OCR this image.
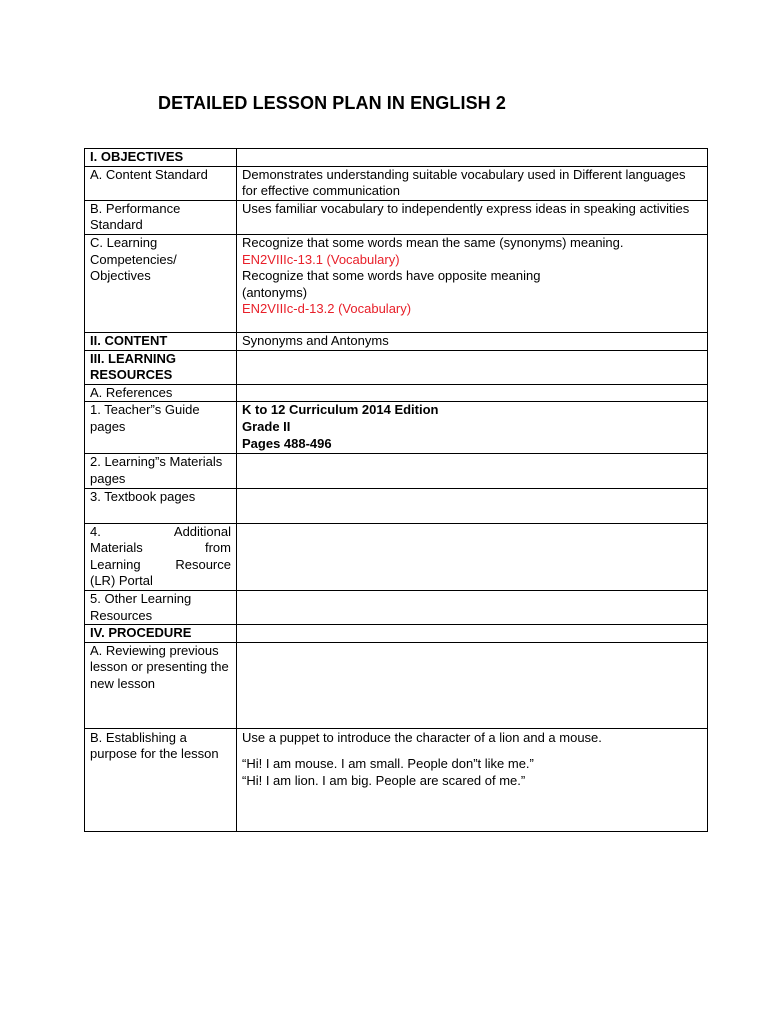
DETAILED LESSON PLAN IN ENGLISH 2
I. OBJECTIVES	
A. Content Standard	Demonstrates understanding suitable vocabulary used in Different languages for effective communication
B. Performance Standard	Uses familiar vocabulary to independently express ideas in speaking activities
C. Learning Competencies/ Objectives	Recognize that some words mean the same (synonyms) meaning.
EN2VIIIc-13.1 (Vocabulary)
Recognize that some words have opposite meaning
(antonyms)
EN2VIIIc-d-13.2 (Vocabulary)

II. CONTENT	Synonyms and Antonyms
III. LEARNING RESOURCES	
A. References	
1. Teacher”s Guide pages	K to 12 Curriculum 2014 Edition
Grade II
Pages 488-496

2. Learning”s Materials pages	
3. Textbook pages	

4. Additional
Materials from
Learning Resource
(LR) Portal	

5. Other Learning Resources	
IV. PROCEDURE	
A. Reviewing previous lesson or presenting the new lesson	
B. Establishing a purpose for the lesson	Use a puppet to introduce the character of a lion and a mouse.
“Hi! I am mouse. I am small. People don”t like me.”
“Hi! I am lion. I am big. People are scared of me.”
